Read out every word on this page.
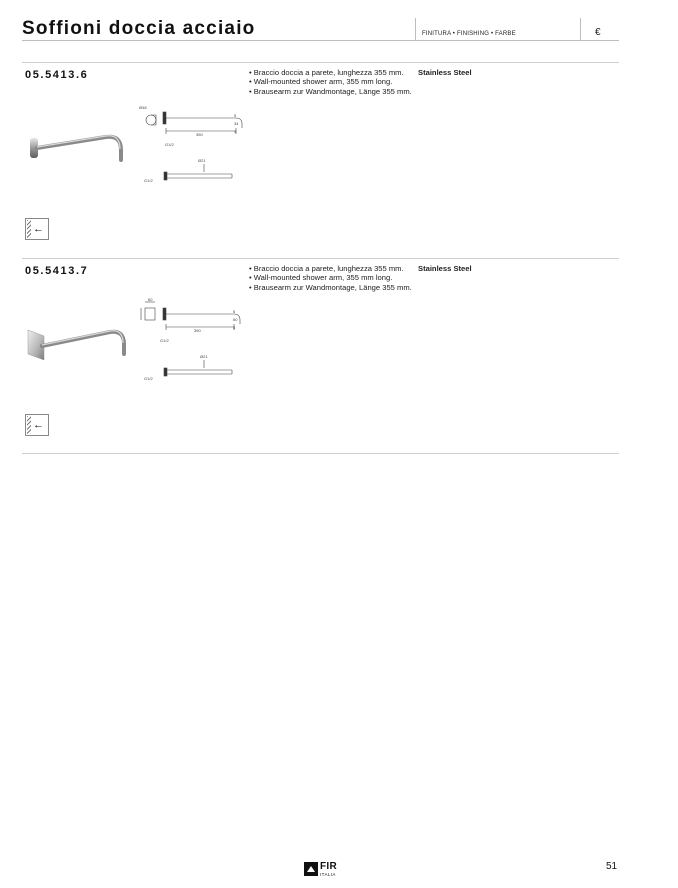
Soffioni doccia acciaio	FINITURA • FINISHING • FARBE	€
05.5413.6	• Braccio doccia a parete, lunghezza 355 mm.
• Wall-mounted shower arm, 355 mm long.
• Brausearm zur Wandmontage, Länge 355 mm.
Stainless Steel
Ø48
G1/2
350
Ø21
G1/2
5
34
3
←
05.5413.7	• Braccio doccia a parete, lunghezza 355 mm.
• Wall-mounted shower arm, 355 mm long.
• Brausearm zur Wandmontage, Länge 355 mm.
Stainless Steel
60
G1/2
350
Ø21
G1/2
5
60
3
←
FIR
ITALIA
51
